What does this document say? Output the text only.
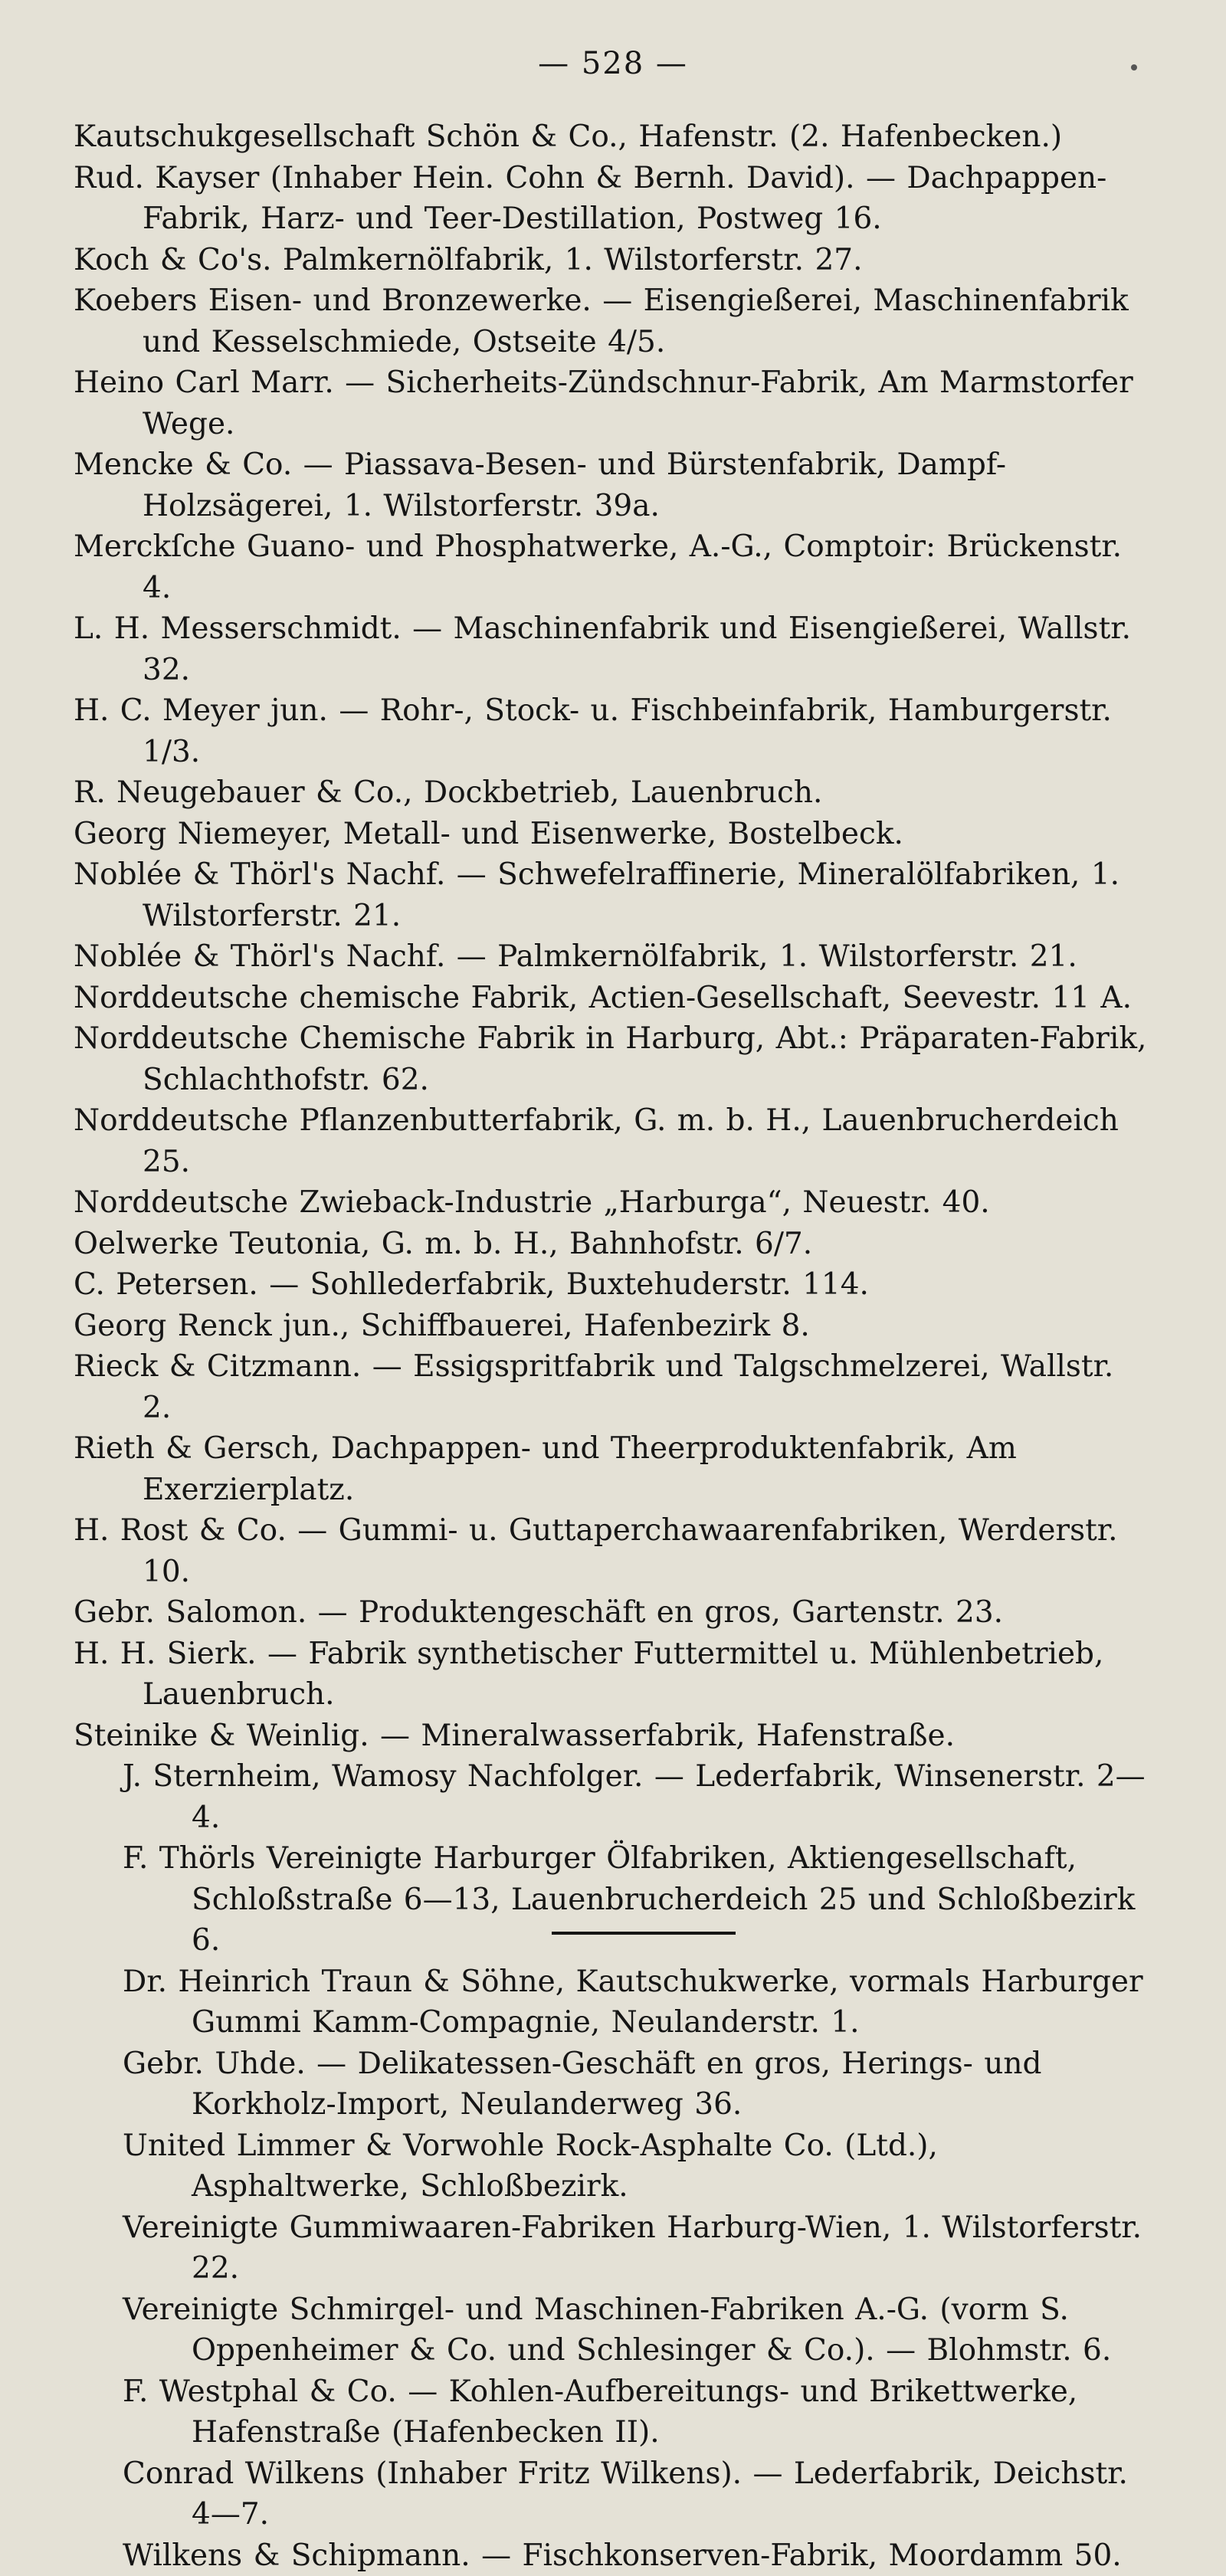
— 528 —
Kautschukgesellschaft Schön & Co., Hafenstr. (2. Hafenbecken.)
Rud. Kayser (Inhaber Hein. Cohn & Bernh. David). — Dachpappen-Fabrik, Harz- und Teer-Destillation, Postweg 16.
Koch & Co's. Palmkernölfabrik, 1. Wilstorferstr. 27.
Koebers Eisen- und Bronzewerke. — Eisengießerei, Maschinenfabrik und Kesselschmiede, Ostseite 4/5.
Heino Carl Marr. — Sicherheits-Zündschnur-Fabrik, Am Marmstorfer Wege.
Mencke & Co. — Piassava-Besen- und Bürstenfabrik, Dampf-Holzsägerei, 1. Wilstorferstr. 39a.
Merckſche Guano- und Phosphatwerke, A.-G., Comptoir: Brückenstr. 4.
L. H. Messerschmidt. — Maschinenfabrik und Eisengießerei, Wallstr. 32.
H. C. Meyer jun. — Rohr-, Stock- u. Fischbeinfabrik, Hamburgerstr. 1/3.
R. Neugebauer & Co., Dockbetrieb, Lauenbruch.
Georg Niemeyer, Metall- und Eisenwerke, Bostelbeck.
Noblée & Thörl's Nachf. — Schwefelraffinerie, Mineralölfabriken, 1. Wilstorferstr. 21.
Noblée & Thörl's Nachf. — Palmkernölfabrik, 1. Wilstorferstr. 21.
Norddeutsche chemische Fabrik, Actien-Gesellschaft, Seevestr. 11 A.
Norddeutsche Chemische Fabrik in Harburg, Abt.: Präparaten-Fabrik, Schlachthofstr. 62.
Norddeutsche Pflanzenbutterfabrik, G. m. b. H., Lauenbrucherdeich 25.
Norddeutsche Zwieback-Industrie „Harburga“, Neuestr. 40.
Oelwerke Teutonia, G. m. b. H., Bahnhofstr. 6/7.
C. Petersen. — Sohllederfabrik, Buxtehuderstr. 114.
Georg Renck jun., Schiffbauerei, Hafenbezirk 8.
Rieck & Citzmann. — Essigspritfabrik und Talgschmelzerei, Wallstr. 2.
Rieth & Gersch, Dachpappen- und Theerproduktenfabrik, Am Exerzierplatz.
H. Rost & Co. — Gummi- u. Guttaperchawaarenfabriken, Werderstr. 10.
Gebr. Salomon. — Produktengeschäft en gros, Gartenstr. 23.
H. H. Sierk. — Fabrik synthetischer Futtermittel u. Mühlenbetrieb, Lauenbruch.
Steinike & Weinlig. — Mineralwasserfabrik, Hafenstraße.
J. Sternheim, Wamosy Nachfolger. — Lederfabrik, Winsenerstr. 2—4.
F. Thörls Vereinigte Harburger Ölfabriken, Aktiengesellschaft, Schloßstraße 6—13, Lauenbrucherdeich 25 und Schloßbezirk 6.
Dr. Heinrich Traun & Söhne, Kautschukwerke, vormals Harburger Gummi Kamm-Compagnie, Neulanderstr. 1.
Gebr. Uhde. — Delikatessen-Geschäft en gros, Herings- und Korkholz-Import, Neulanderweg 36.
United Limmer & Vorwohle Rock-Asphalte Co. (Ltd.), Asphaltwerke, Schloßbezirk.
Vereinigte Gummiwaaren-Fabriken Harburg-Wien, 1. Wilstorferstr. 22.
Vereinigte Schmirgel- und Maschinen-Fabriken A.-G. (vorm S. Oppenheimer & Co. und Schlesinger & Co.). — Blohmstr. 6.
F. Westphal & Co. — Kohlen-Aufbereitungs- und Brikettwerke, Hafenstraße (Hafenbecken II).
Conrad Wilkens (Inhaber Fritz Wilkens). — Lederfabrik, Deichstr. 4—7.
Wilkens & Schipmann. — Fischkonserven-Fabrik, Moordamm 50.
